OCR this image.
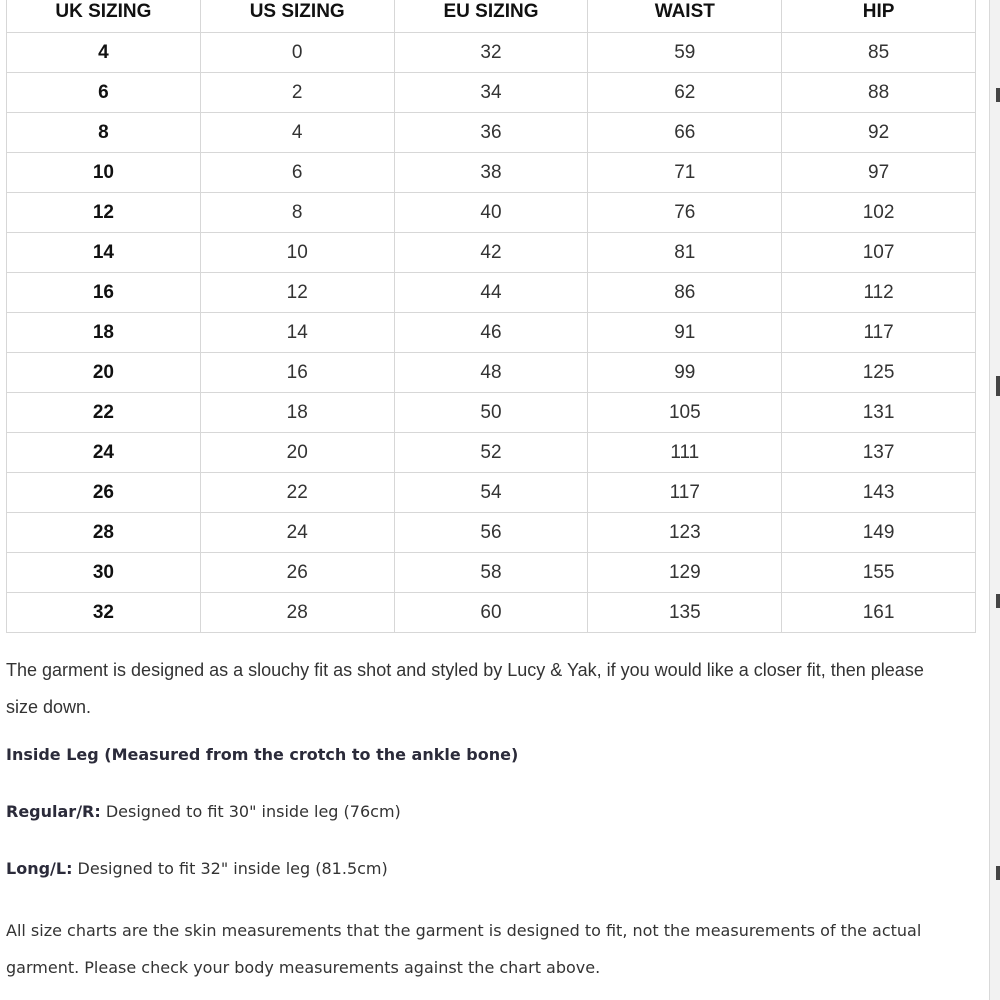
UK SIZING	US SIZING	EU SIZING	WAIST	HIP
4	0	32	59	85
6	2	34	62	88
8	4	36	66	92
10	6	38	71	97
12	8	40	76	102
14	10	42	81	107
16	12	44	86	112
18	14	46	91	117
20	16	48	99	125
22	18	50	105	131
24	20	52	111	137
26	22	54	117	143
28	24	56	123	149
30	26	58	129	155
32	28	60	135	161

The garment is designed as a slouchy fit as shot and styled by Lucy & Yak, if you would like a closer fit, then please size down.

Inside Leg (Measured from the crotch to the ankle bone)

Regular/R: Designed to fit 30" inside leg (76cm)

Long/L: Designed to fit 32" inside leg (81.5cm)

All size charts are the skin measurements that the garment is designed to fit, not the measurements of the actual garment. Please check your body measurements against the chart above.
